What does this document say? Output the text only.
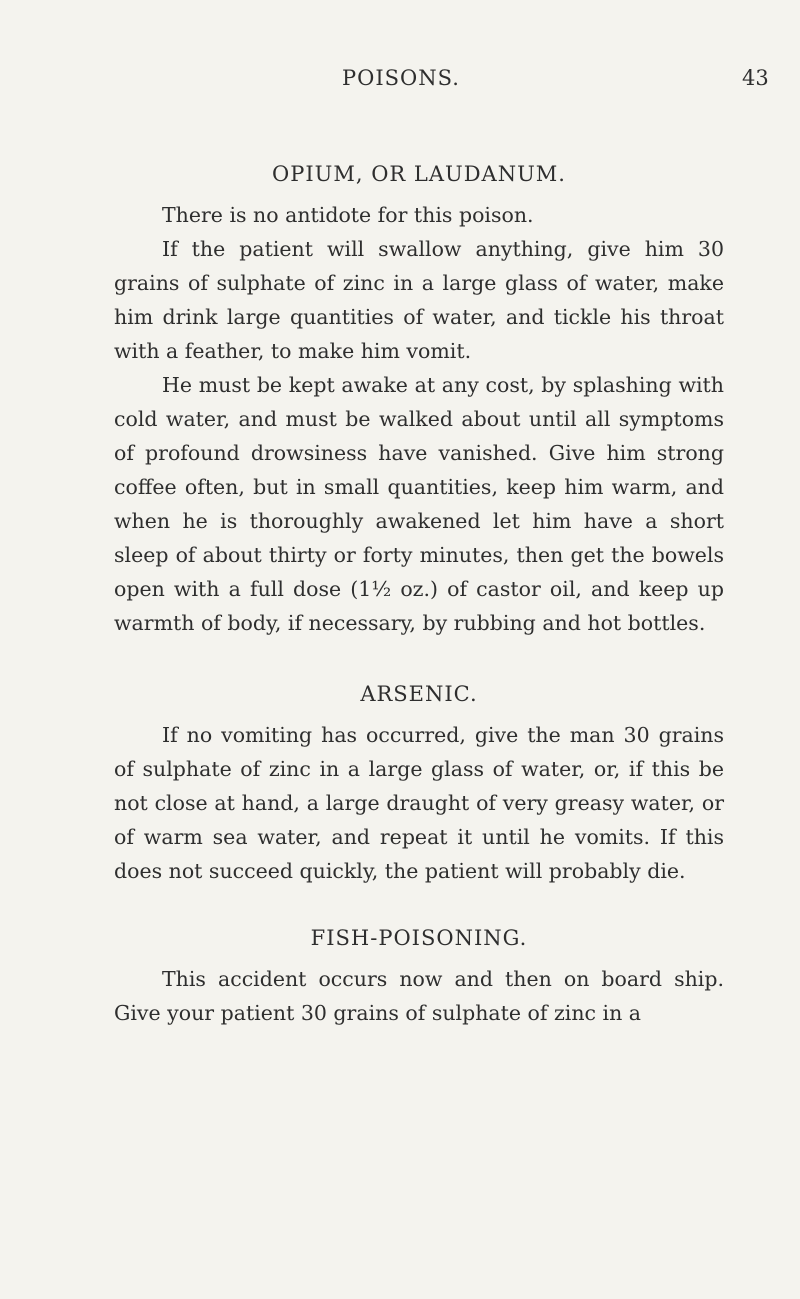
POISONS.	43
OPIUM, OR LAUDANUM.

There is no antidote for this poison.

If the patient will swallow anything, give him 30 grains of sulphate of zinc in a large glass of water, make him drink large quantities of water, and tickle his throat with a feather, to make him vomit.

He must be kept awake at any cost, by splashing with cold water, and must be walked about until all symptoms of profound drowsiness have vanished. Give him strong coffee often, but in small quantities, keep him warm, and when he is thoroughly awakened let him have a short sleep of about thirty or forty minutes, then get the bowels open with a full dose (1½ oz.) of castor oil, and keep up warmth of body, if necessary, by rubbing and hot bottles.

ARSENIC.

If no vomiting has occurred, give the man 30 grains of sulphate of zinc in a large glass of water, or, if this be not close at hand, a large draught of very greasy water, or of warm sea water, and repeat it until he vomits. If this does not succeed quickly, the patient will probably die.

FISH-POISONING.

This accident occurs now and then on board ship. Give your patient 30 grains of sulphate of zinc in a
